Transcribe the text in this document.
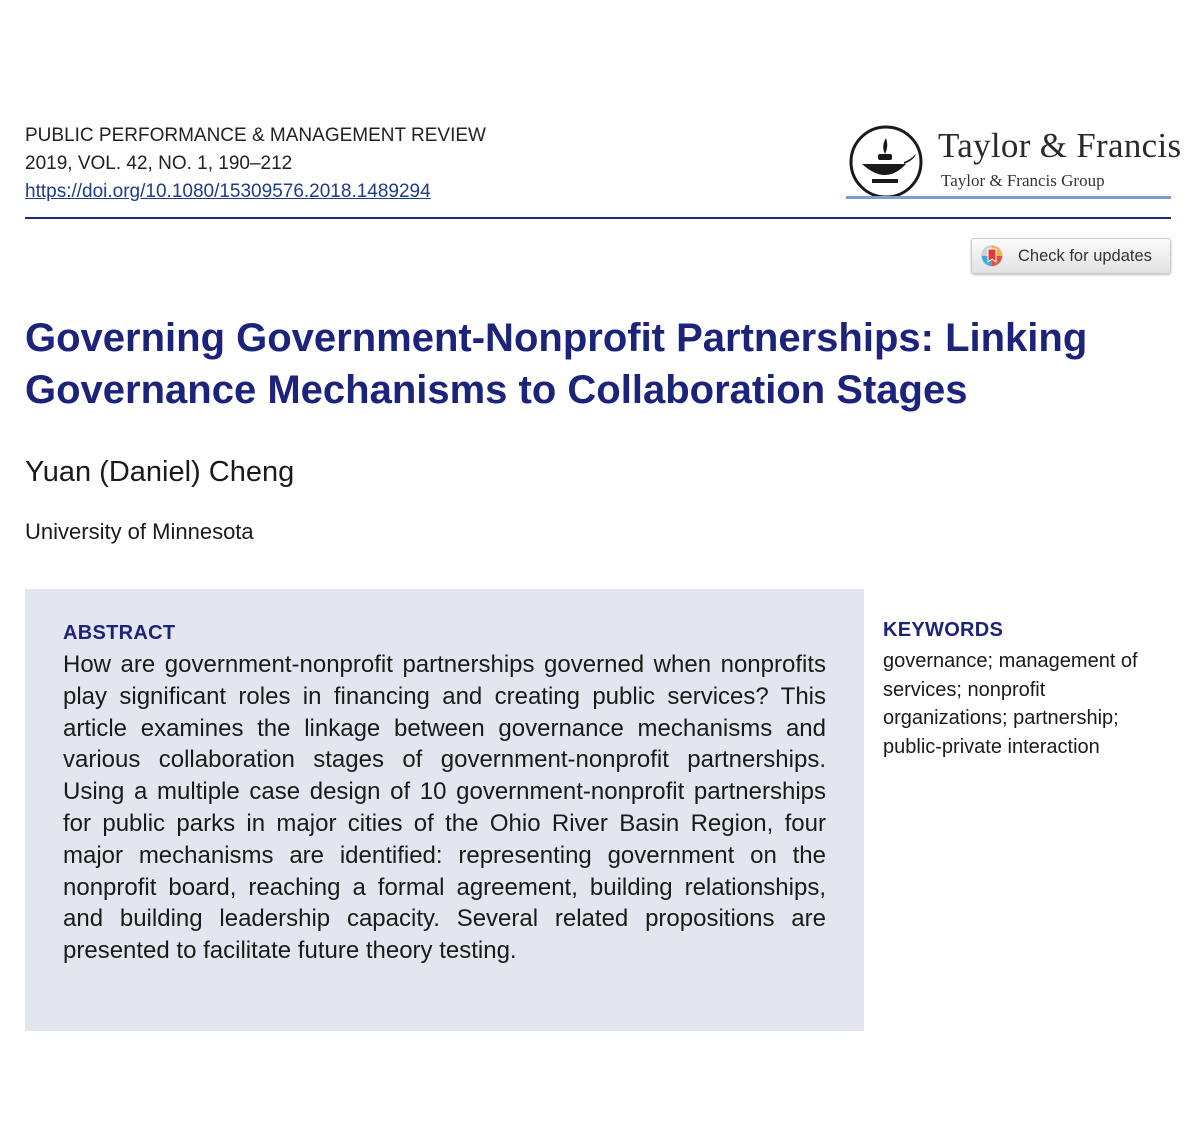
PUBLIC PERFORMANCE & MANAGEMENT REVIEW
2019, VOL. 42, NO. 1, 190–212
https://doi.org/10.1080/15309576.2018.1489294
Taylor & Francis
Taylor & Francis Group
Check for updates
Governing Government-Nonprofit Partnerships: Linking Governance Mechanisms to Collaboration Stages
Yuan (Daniel) Cheng
University of Minnesota
ABSTRACT

How are government-nonprofit partnerships governed when nonprofits play significant roles in financing and creating public services? This article examines the linkage between governance mechanisms and various collaboration stages of government-nonprofit partnerships. Using a multiple case design of 10 government-nonprofit partnerships for public parks in major cities of the Ohio River Basin Region, four major mechanisms are identified: representing government on the nonprofit board, reaching a formal agreement, building relationships, and building leadership capacity. Several related propositions are presented to facilitate future theory testing.

KEYWORDS

governance; management of services; nonprofit organizations; partnership; public-private interaction
